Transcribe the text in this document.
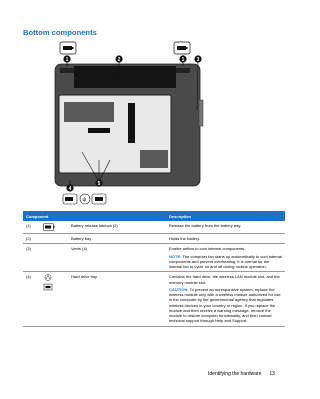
Bottom components
ψ
1	2	1 3
4
5
Component			Description
(1)		Battery release latches (2)	Release the battery from the battery bay.
(2)		Battery bay	Holds the battery.
(3)		Vents (4)	Enable airflow to cool internal components.
NOTE: The computer fan starts up automatically to cool internal components and prevent overheating. It is normal for the internal fan to cycle on and off during routine operation.

(4)		Hard drive bay	Contains the hard drive, the wireless LAN module slot, and the memory module slot.
CAUTION: To prevent an unresponsive system, replace the wireless module only with a wireless module authorized for use in the computer by the governmental agency that regulates wireless devices in your country or region. If you replace the module and then receive a warning message, remove the module to restore computer functionality, and then contact technical support through Help and Support.
Identifying the hardware 13
